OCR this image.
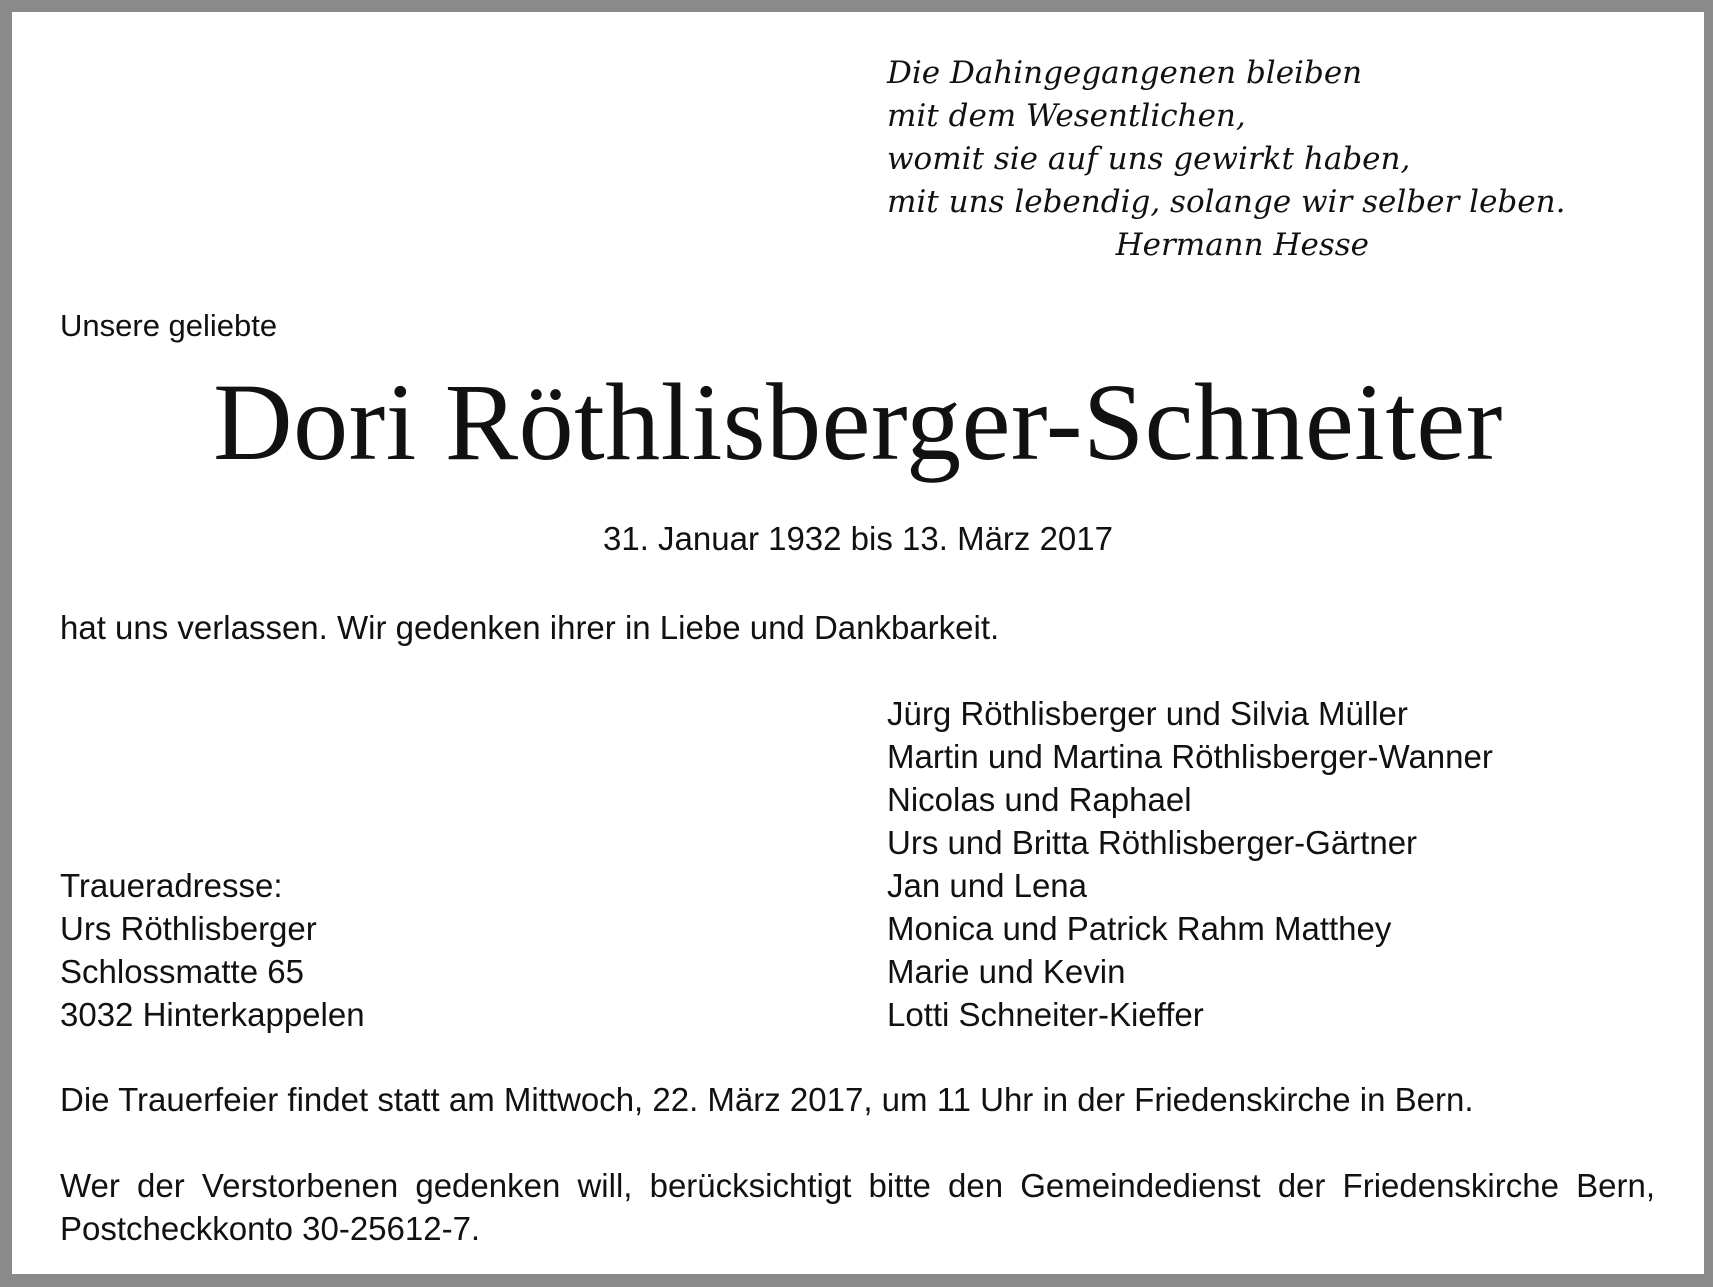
Die Dahingegangenen bleiben
mit dem Wesentlichen,
womit sie auf uns gewirkt haben,
mit uns lebendig, solange wir selber leben.
Hermann Hesse
Unsere geliebte
Dori Röthlisberger-Schneiter
31. Januar 1932 bis 13. März 2017
hat uns verlassen. Wir gedenken ihrer in Liebe und Dankbarkeit.
Jürg Röthlisberger und Silvia Müller
Martin und Martina Röthlisberger-Wanner
Nicolas und Raphael
Urs und Britta Röthlisberger-Gärtner
Jan und Lena
Monica und Patrick Rahm Matthey
Marie und Kevin
Lotti Schneiter-Kieffer
Traueradresse:
Urs Röthlisberger
Schlossmatte 65
3032 Hinterkappelen
Die Trauerfeier findet statt am Mittwoch, 22. März 2017, um 11 Uhr in der Friedenskirche in Bern.
Wer der Verstorbenen gedenken will, berücksichtigt bitte den Gemeindedienst der Friedenskirche Bern, Postcheckkonto 30-25612-7.
